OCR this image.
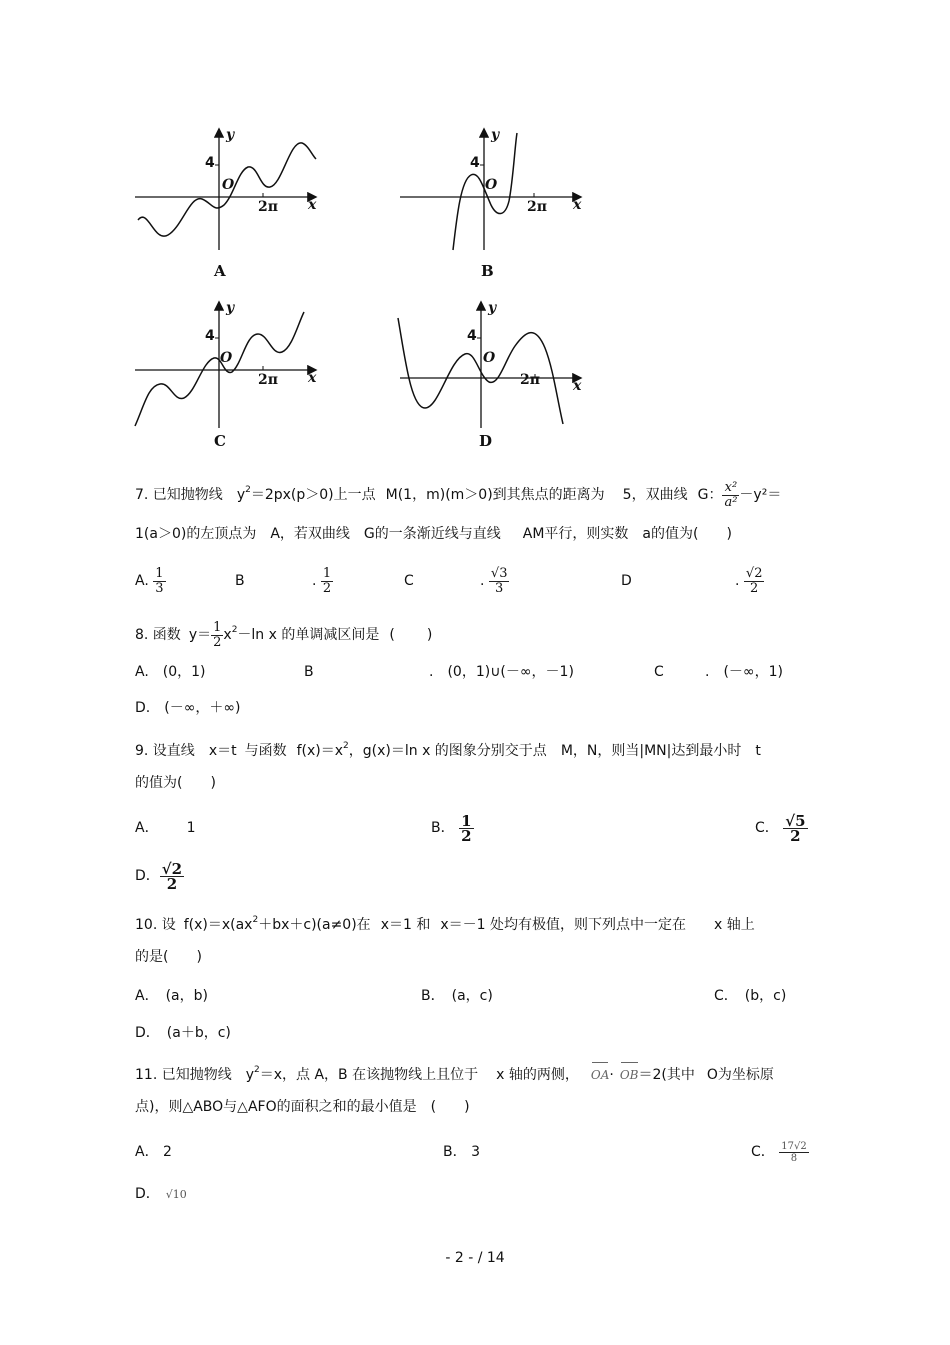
y
x
4
O
2π
A
y
x
4
O
2π
B
y
x
4
O
2π
C
y
x
4
O
2π
D
7. 已知抛物线 $y^2=2px(p>0)$上一点 M(1，m)(m＞0)到其焦点的距离为 5，双曲线 G： $\frac{\text{x²}}{\text{a²}} -y^2=$
1(a＞0)的左顶点为 A，若双曲线 G的一条渐近线与直线 AM平行，则实数 a的值为( )
A. $\frac{1}{3}$	B	. $\frac{1}{2}$	C	. $\frac{√3}{3}$	D	. $\frac{√2}{2}$
8. 函数 $y= \frac{1}{2} x^2-\ln$ x 的单调减区间是 ( )
A.　(0，1)	B	.　(0，1)∪(－∞，－1)	C	.　(－∞，1)
D.　(－∞，＋∞)
9. 设直线 x＝t 与函数 $f(x)=x^2$，g(x)＝ln x 的图象分别交于点 M，N，则当|MN|达到最小时 t
的值为(　　)
A． 1	B． $\frac{1}{2}$	C． $\frac{√5}{2}$
D． $\frac{√2}{2}$
10. 设 $f(x)=x(ax^2+bx+c)(a\ne 0)$在 x＝1 和 x＝－1 处均有极值，则下列点中一定在 x 轴上
的是(　　)
A．　(a，b)	B．　(a，c)	C．　(b，c)
D．　(a＋b，c)
11. 已知抛物线 $y^2=x$，点 A，B 在该抛物线上且位于 x 轴的两侧， OA· OB＝2(其中 O为坐标原
点)，则△ABO与△AFO的面积之和的最小值是 (　　)
A． 2	B． 3	C． $\frac{17√2}{8}$
D． √10
- 2 - / 14
